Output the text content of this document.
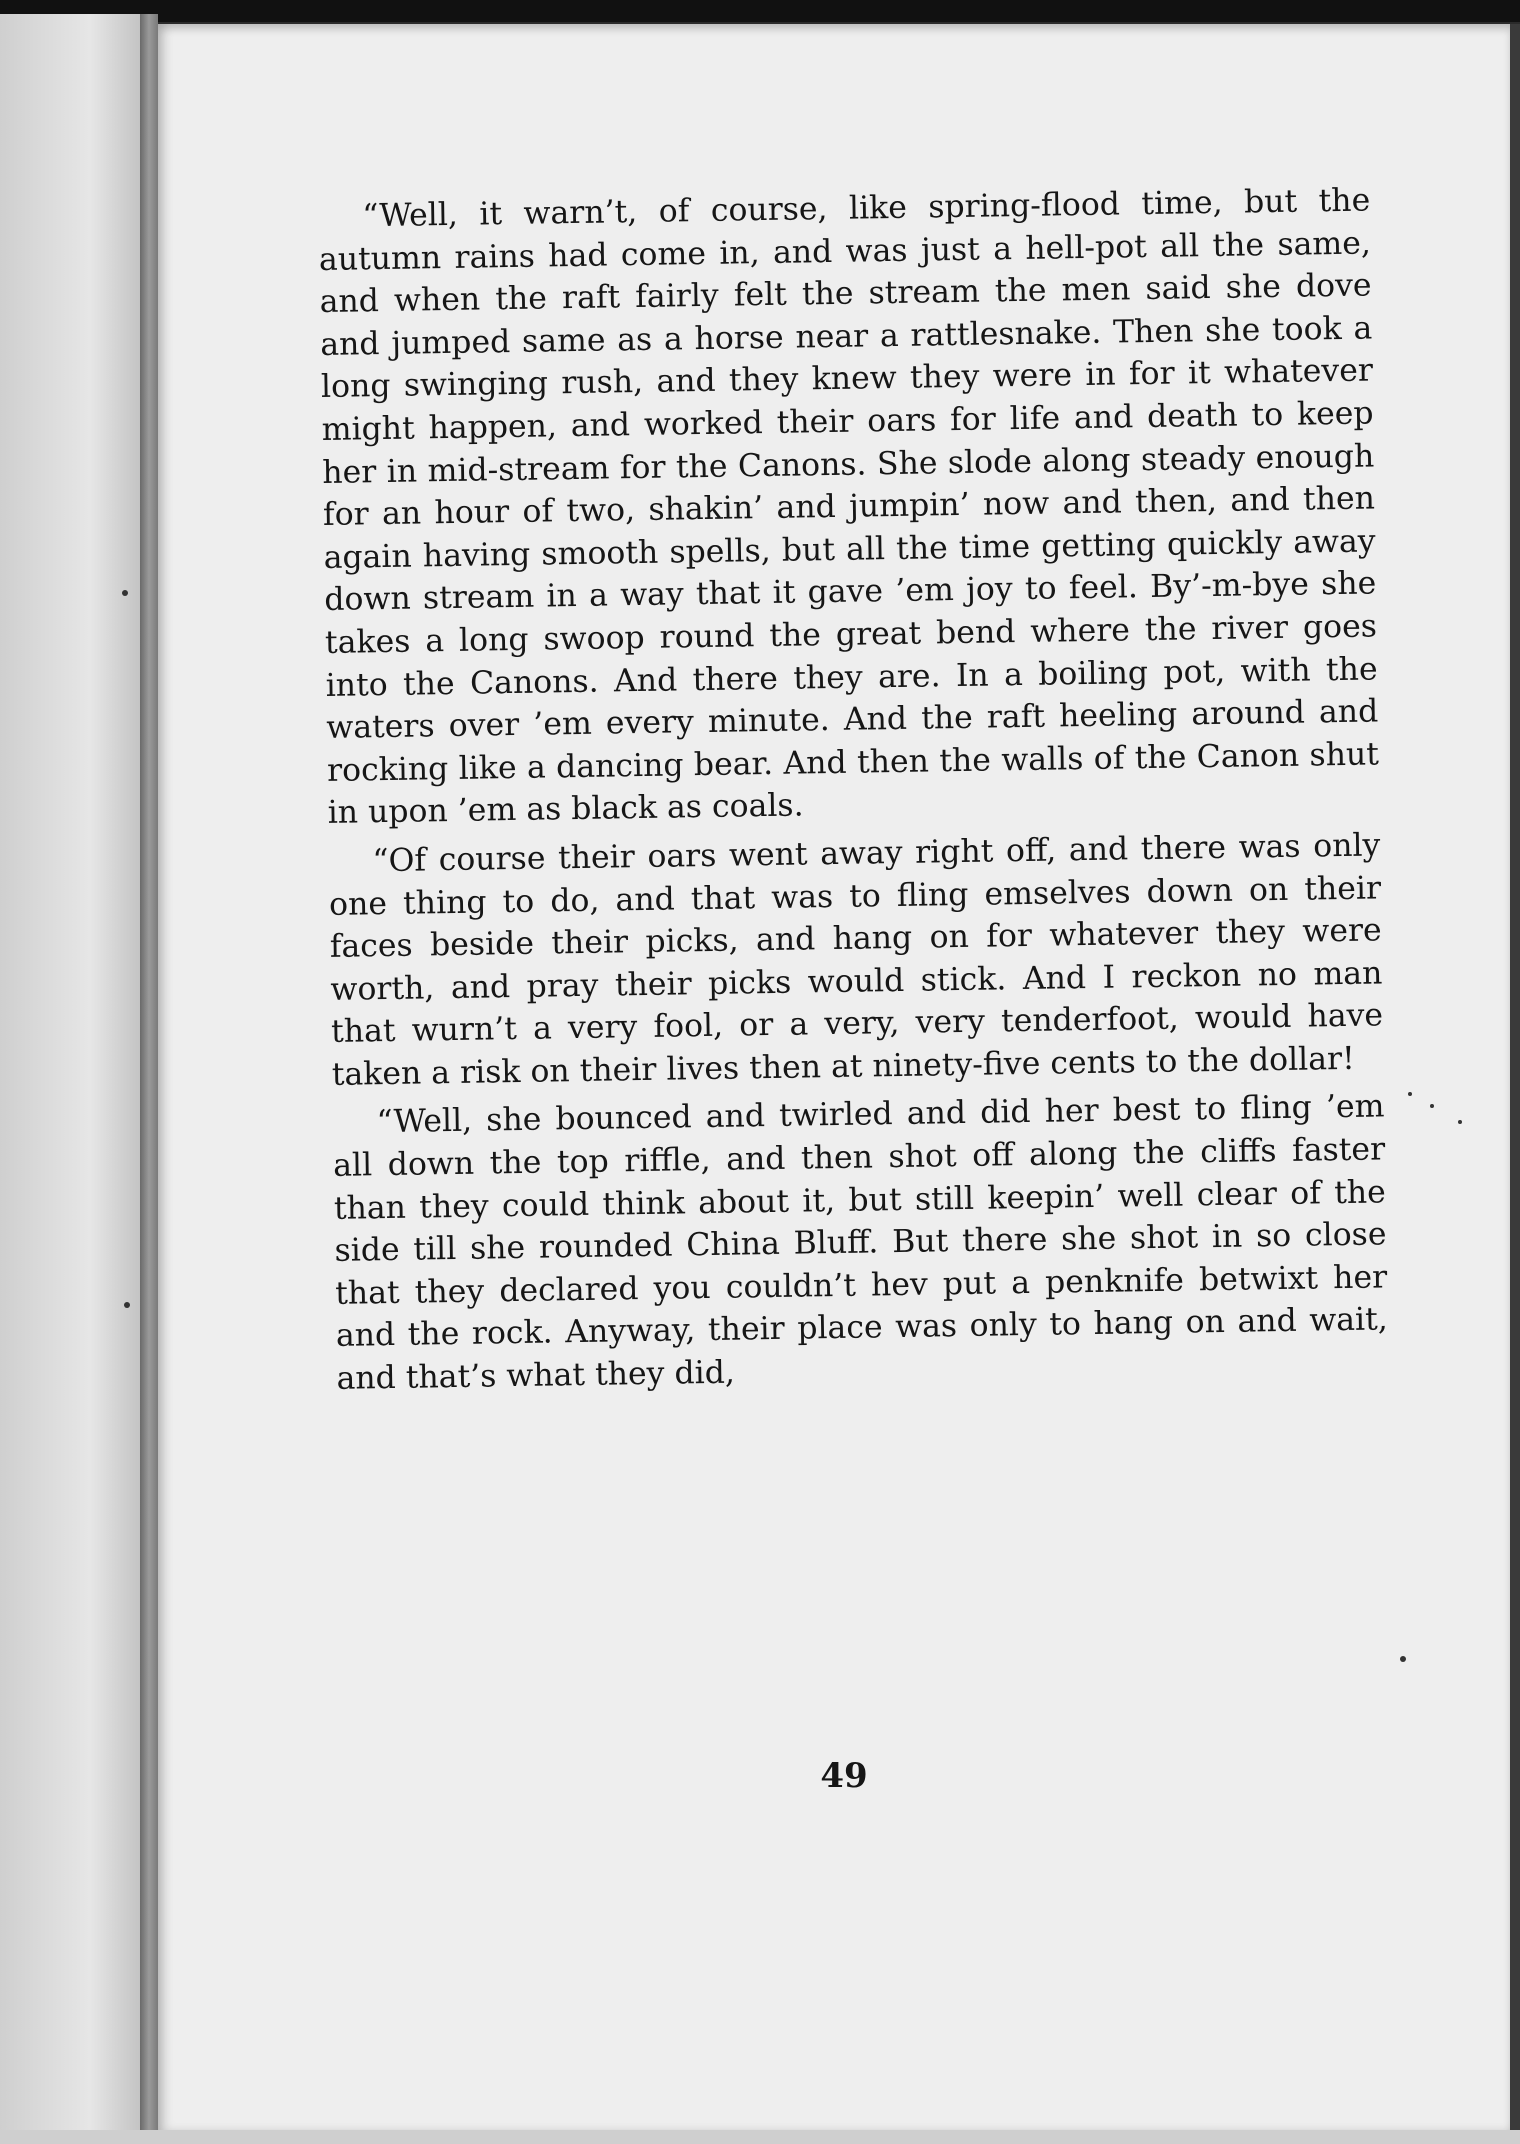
“Well, it warn’t, of course, like spring-flood time, but the autumn rains had come in, and was just a hell-pot all the same, and when the raft fairly felt the stream the men said she dove and jumped same as a horse near a rattlesnake. Then she took a long swinging rush, and they knew they were in for it whatever might happen, and worked their oars for life and death to keep her in mid-stream for the Canons. She slode along steady enough for an hour of two, shakin’ and jumpin’ now and then, and then again having smooth spells, but all the time getting quickly away down stream in a way that it gave ’em joy to feel. By’-m-bye she takes a long swoop round the great bend where the river goes into the Canons. And there they are. In a boiling pot, with the waters over ’em every minute. And the raft heeling around and rocking like a dancing bear. And then the walls of the Canon shut in upon ’em as black as coals.

“Of course their oars went away right off, and there was only one thing to do, and that was to fling emselves down on their faces beside their picks, and hang on for whatever they were worth, and pray their picks would stick. And I reckon no man that wurn’t a very fool, or a very, very tenderfoot, would have taken a risk on their lives then at ninety-five cents to the dollar!

“Well, she bounced and twirled and did her best to fling ’em all down the top riffle, and then shot off along the cliffs faster than they could think about it, but still keepin’ well clear of the side till she rounded China Bluff. But there she shot in so close that they declared you couldn’t hev put a penknife betwixt her and the rock. Anyway, their place was only to hang on and wait, and that’s what they did,

49
